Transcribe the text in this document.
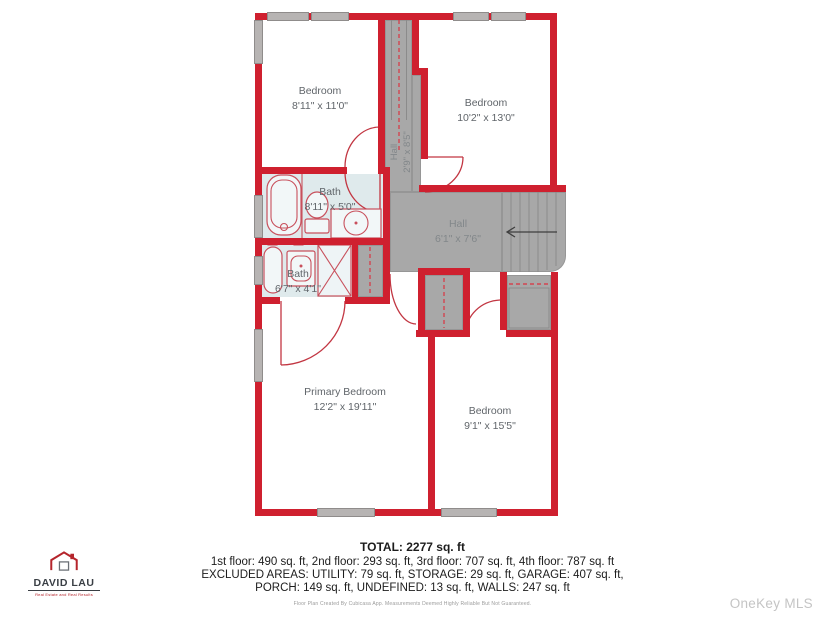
Bedroom
8'11" x 11'0"	Bedroom
10'2" x 13'0"
Hall 2'9" x 8'5"
Bath
8'11" x 5'0"
Bath
6'7" x 4'1"
Hall
6'1" x 7'6"
Primary Bedroom
12'2" x 19'11"	Bedroom
9'1" x 15'5"
TOTAL: 2277 sq. ft
1st floor: 490 sq. ft, 2nd floor: 293 sq. ft, 3rd floor: 707 sq. ft, 4th floor: 787 sq. ft
EXCLUDED AREAS: UTILITY: 79 sq. ft, STORAGE: 29 sq. ft, GARAGE: 407 sq. ft,
PORCH: 149 sq. ft, UNDEFINED: 13 sq. ft, WALLS: 247 sq. ft
Floor Plan Created By Cubicasa App. Measurements Deemed Highly Reliable But Not Guaranteed.
DAVID LAU
Real Estate and Real Results
OneKey MLS
